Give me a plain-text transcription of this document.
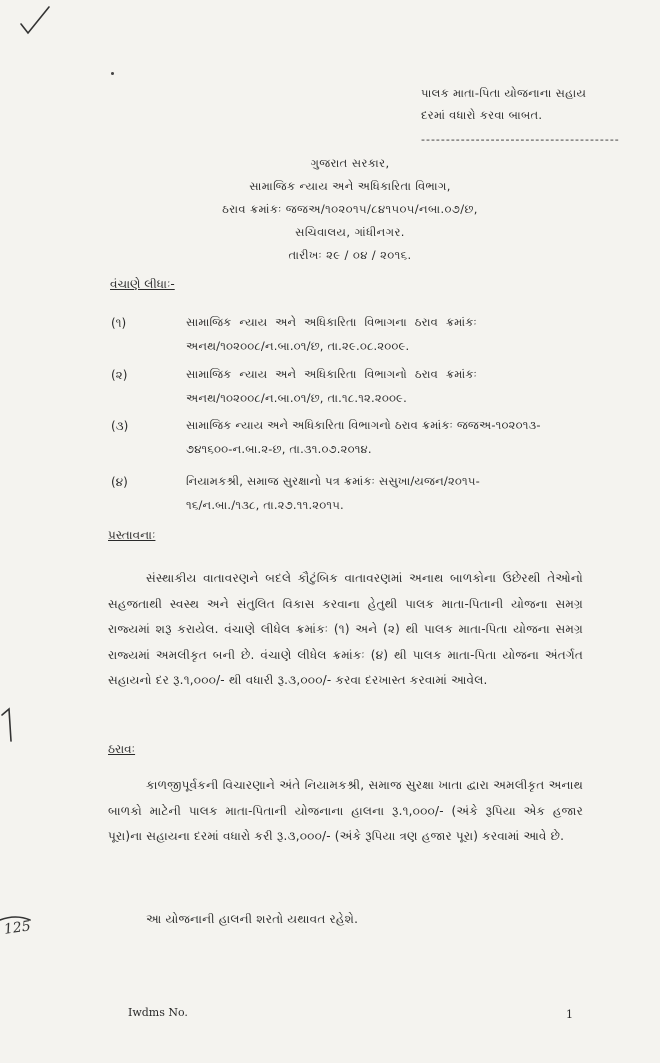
125
પાલક માતા-પિતા યોજનાના સહાય
દરમાં વધારો કરવા બાબત.
----------------------------------------
ગુજરાત સરકાર,
સામાજિક ન્યાય અને અધિકારિતા વિભાગ,
ઠરાવ ક્રમાંકઃ જજઅ/૧૦૨૦૧૫/૮૪૧૫૦૫/નબા.૦૭/છ,
સચિવાલય, ગાંધીનગર.
તારીખઃ ૨૯ / ૦૪ / ૨૦૧૬.
વંચાણે લીધાઃ-
(૧)	સામાજિક ન્યાય અને અધિકારિતા વિભાગના ઠરાવ ક્રમાંકઃ
અનથ/૧૦૨૦૦૮/ન.બા.૦૧/છ, તા.૨૯.૦૮.૨૦૦૯.
(૨)	સામાજિક ન્યાય અને અધિકારિતા વિભાગનો ઠરાવ ક્રમાંકઃ
અનથ/૧૦૨૦૦૮/ન.બા.૦૧/છ, તા.૧૮.૧૨.૨૦૦૯.
(૩)	સામાજિક ન્યાય અને અધિકારિતા વિભાગનો ઠરાવ ક્રમાંકઃ જજઅ-૧૦૨૦૧૩-
૭૪૧૬૦૦-ન.બા.૨-છ, તા.૩૧.૦૭.૨૦૧૪.
(૪)	નિયામકશ્રી, સમાજ સુરક્ષાનો પત્ર ક્રમાંકઃ સસુખા/યજન/૨૦૧૫-
૧૬/ન.બા./૧૩૮, તા.૨૭.૧૧.૨૦૧૫.
પ્રસ્તાવનાઃ
સંસ્થાકીય વાતાવરણને બદલે કૌટુંબિક વાતાવરણમાં અનાથ બાળકોના ઉછેરથી તેઓનો સહજતાથી સ્વસ્થ અને સંતુલિત વિકાસ કરવાના હેતુથી પાલક માતા-પિતાની યોજના સમગ્ર રાજ્યમાં શરૂ કરાયેલ. વંચાણે લીધેલ ક્રમાંકઃ (૧) અને (૨) થી પાલક માતા-પિતા યોજના સમગ્ર રાજ્યમાં અમલીકૃત બની છે. વંચાણે લીધેલ ક્રમાંકઃ (૪) થી પાલક માતા-પિતા યોજના અંતર્ગત સહાયનો દર રૂ.૧,૦૦૦/- થી વધારી રૂ.૩,૦૦૦/- કરવા દરખાસ્ત કરવામાં આવેલ.
ઠરાવઃ
કાળજીપૂર્વકની વિચારણાને અંતે નિયામકશ્રી, સમાજ સુરક્ષા ખાતા દ્વારા અમલીકૃત અનાથ બાળકો માટેની પાલક માતા-પિતાની યોજનાના હાલના રૂ.૧,૦૦૦/- (અંકે રૂપિયા એક હજાર પૂરા)ના સહાયના દરમાં વધારો કરી રૂ.૩,૦૦૦/- (અંકે રૂપિયા ત્રણ હજાર પૂરા) કરવામાં આવે છે.
આ યોજનાની હાલની શરતો યથાવત રહેશે.
Iwdms No.	1
